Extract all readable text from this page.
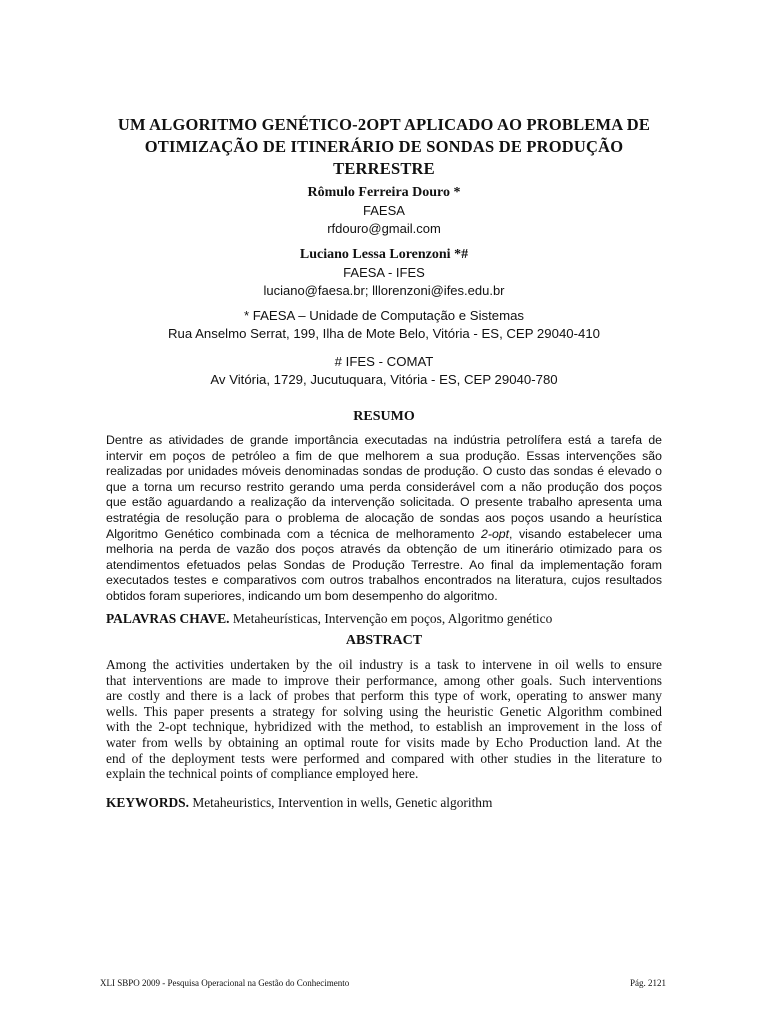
UM ALGORITMO GENÉTICO-2OPT APLICADO AO PROBLEMA DE
OTIMIZAÇÃO DE ITINERÁRIO DE SONDAS DE PRODUÇÃO
TERRESTRE
Rômulo Ferreira Douro *
FAESA
rfdouro@gmail.com
Luciano Lessa Lorenzoni *#
FAESA - IFES
luciano@faesa.br; lllorenzoni@ifes.edu.br
* FAESA – Unidade de Computação e Sistemas
Rua Anselmo Serrat, 199, Ilha de Mote Belo, Vitória - ES, CEP 29040-410
# IFES - COMAT
Av Vitória, 1729, Jucutuquara, Vitória - ES, CEP 29040-780
RESUMO
Dentre as atividades de grande importância executadas na indústria petrolífera está a tarefa de
intervir em poços de petróleo a fim de que melhorem a sua produção. Essas intervenções são
realizadas por unidades móveis denominadas sondas de produção. O custo das sondas é elevado o
que a torna um recurso restrito gerando uma perda considerável com a não produção dos poços
que estão aguardando a realização da intervenção solicitada. O presente trabalho apresenta uma
estratégia de resolução para o problema de alocação de sondas aos poços usando a heurística
Algoritmo Genético combinada com a técnica de melhoramento 2-opt, visando estabelecer uma
melhoria na perda de vazão dos poços através da obtenção de um itinerário otimizado para os
atendimentos efetuados pelas Sondas de Produção Terrestre. Ao final da implementação foram
executados testes e comparativos com outros trabalhos encontrados na literatura, cujos resultados
obtidos foram superiores, indicando um bom desempenho do algoritmo.
PALAVRAS CHAVE. Metaheurísticas, Intervenção em poços, Algoritmo genético
ABSTRACT
Among the activities undertaken by the oil industry is a task to intervene in oil wells to ensure
that interventions are made to improve their performance, among other goals. Such interventions
are costly and there is a lack of probes that perform this type of work, operating to answer many
wells. This paper presents a strategy for solving using the heuristic Genetic Algorithm combined
with the 2-opt technique, hybridized with the method, to establish an improvement in the loss of
water from wells by obtaining an optimal route for visits made by Echo Production land. At the
end of the deployment tests were performed and compared with other studies in the literature to
explain the technical points of compliance employed here.
KEYWORDS. Metaheuristics, Intervention in wells, Genetic algorithm
XLI SBPO 2009 - Pesquisa Operacional na Gestão do Conhecimento	Pág. 2121
